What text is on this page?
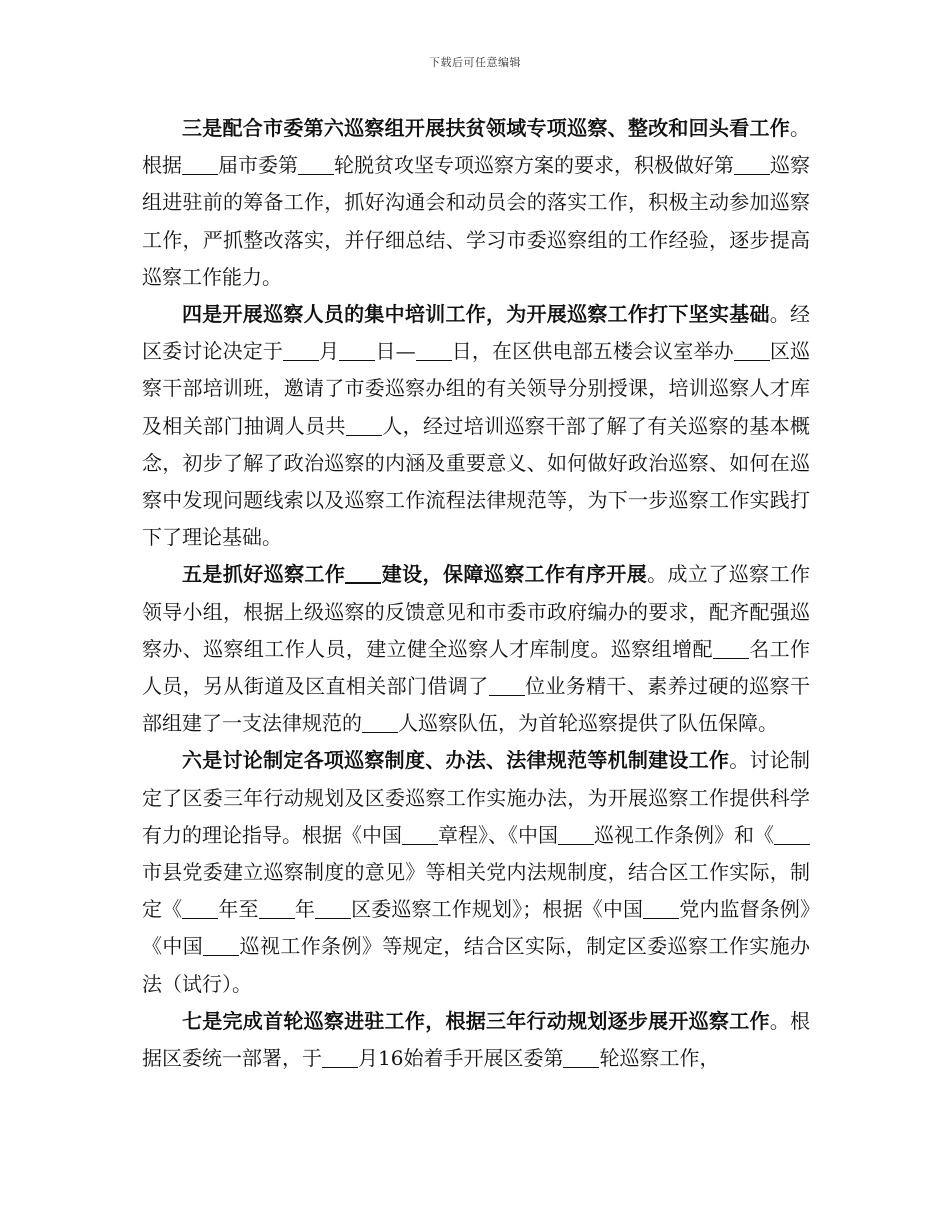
下载后可任意编辑

三是配合市委第六巡察组开展扶贫领域专项巡察、整改和回头看工作。根据 届市委第 轮脱贫攻坚专项巡察方案的要求，积极做好第 巡察组进驻前的筹备工作，抓好沟通会和动员会的落实工作，积极主动参加巡察工作，严抓整改落实，并仔细总结、学习市委巡察组的工作经验，逐步提高巡察工作能力。

四是开展巡察人员的集中培训工作，为开展巡察工作打下坚实基础。经区委讨论决定于 月 日— 日，在区供电部五楼会议室举办 区巡察干部培训班，邀请了市委巡察办组的有关领导分别授课，培训巡察人才库及相关部门抽调人员共 人，经过培训巡察干部了解了有关巡察的基本概念，初步了解了政治巡察的内涵及重要意义、如何做好政治巡察、如何在巡察中发现问题线索以及巡察工作流程法律规范等，为下一步巡察工作实践打下了理论基础。

五是抓好巡察工作 建设，保障巡察工作有序开展。成立了巡察工作领导小组，根据上级巡察的反馈意见和市委市政府编办的要求，配齐配强巡察办、巡察组工作人员，建立健全巡察人才库制度。巡察组增配 名工作人员，另从街道及区直相关部门借调了 位业务精干、素养过硬的巡察干部组建了一支法律规范的 人巡察队伍，为首轮巡察提供了队伍保障。

六是讨论制定各项巡察制度、办法、法律规范等机制建设工作。讨论制定了区委三年行动规划及区委巡察工作实施办法，为开展巡察工作提供科学有力的理论指导。根据《中国 章程》、《中国 巡视工作条例》和《市县党委建立巡察制度的意见》等相关党内法规制度，结合区工作实际，制定《 年至 年 区委巡察工作规划》；根据《中国 党内监督条例》《中国 巡视工作条例》等规定，结合区实际，制定区委巡察工作实施办法（试行）。

七是完成首轮巡察进驻工作，根据三年行动规划逐步展开巡察工作。根据区委统一部署，于 月16始着手开展区委第 轮巡察工作，
